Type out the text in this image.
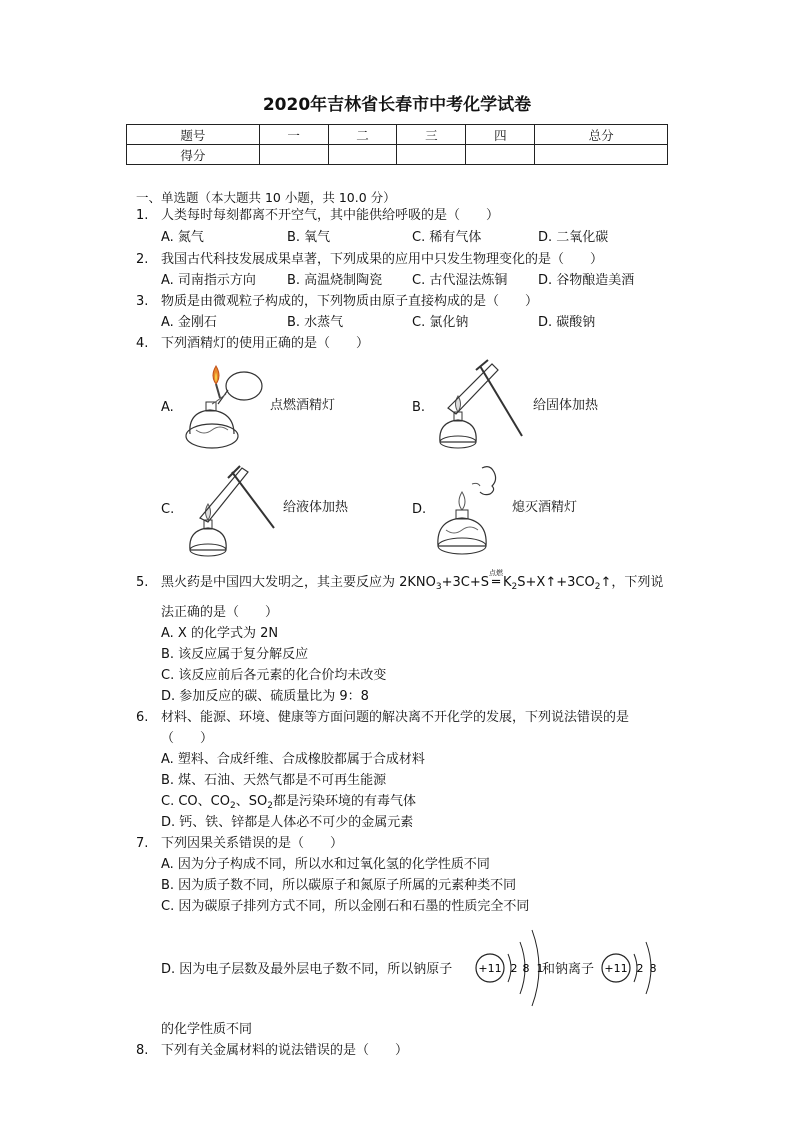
2020年吉林省长春市中考化学试卷
题号	一	二	三	四	总分
得分					
一、单选题（本大题共 10 小题，共 10.0 分）
1. 人类每时每刻都离不开空气，其中能供给呼吸的是（　　）
A. 氮气	B. 氧气	C. 稀有气体	D. 二氧化碳
2. 我国古代科技发展成果卓著，下列成果的应用中只发生物理变化的是（　　）
A. 司南指示方向 B. 高温烧制陶瓷 C. 古代湿法炼铜 D. 谷物酿造美酒
3. 物质是由微观粒子构成的，下列物质由原子直接构成的是（　　）
A. 金刚石	B. 水蒸气	C. 氯化钠	D. 碳酸钠
4. 下列酒精灯的使用正确的是（　　）
A.	点燃酒精灯	B.	给固体加热
C.	给液体加热	D.	熄灭酒精灯
5. 黑火药是中国四大发明之，其主要反应为 $2KNO_3+3C+S$
点燃
═ $K_2S+X↑+3CO_2↑$，下列说
法正确的是（　　）
A. X 的化学式为 2N
B. 该反应属于复分解反应
C. 该反应前后各元素的化合价均未改变
D. 参加反应的碳、硫质量比为 9：8
6. 材料、能源、环境、健康等方面问题的解决离不开化学的发展，下列说法错误的是
（　　）
A. 塑料、合成纤维、合成橡胶都属于合成材料
B. 煤、石油、天然气都是不可再生能源
C. CO、$CO_2$、$SO_2$都是污染环境的有毒气体
D. 钙、铁、锌都是人体必不可少的金属元素
7. 下列因果关系错误的是（　　）
A. 因为分子构成不同，所以水和过氧化氢的化学性质不同
B. 因为质子数不同，所以碳原子和氮原子所属的元素种类不同
C. 因为碳原子排列方式不同，所以金刚石和石墨的性质完全不同
D. 因为电子层数及最外层电子数不同，所以钠原子 +11 2 8 1
和钠离子 +11 2 8
的化学性质不同
8. 下列有关金属材料的说法错误的是（　　）
